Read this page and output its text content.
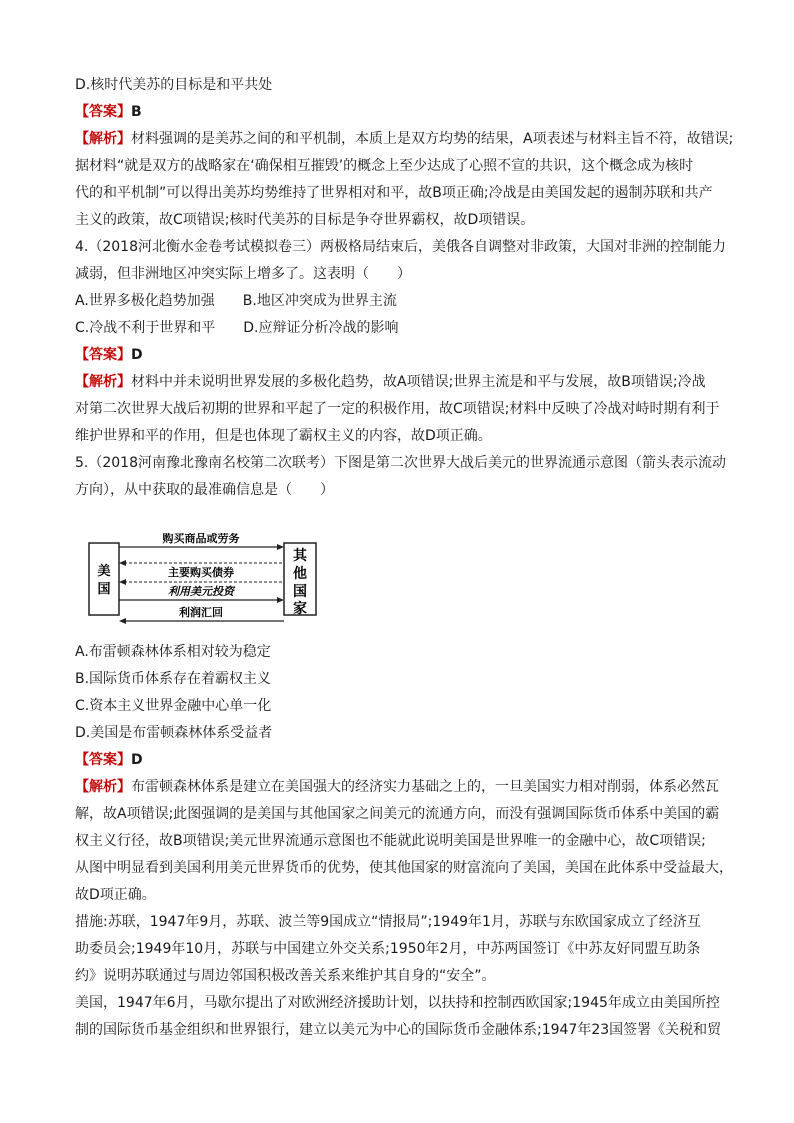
D.核时代美苏的目标是和平共处
【答案】B
【解析】材料强调的是美苏之间的和平机制，本质上是双方均势的结果，A项表述与材料主旨不符，故错误;
据材料“就是双方的战略家在‘确保相互摧毁’的概念上至少达成了心照不宣的共识，这个概念成为核时
代的和平机制”可以得出美苏均势维持了世界相对和平，故B项正确;冷战是由美国发起的遏制苏联和共产
主义的政策，故C项错误;核时代美苏的目标是争夺世界霸权，故D项错误。
4.（2018河北衡水金卷考试模拟卷三）两极格局结束后，美俄各自调整对非政策，大国对非洲的控制能力
减弱，但非洲地区冲突实际上增多了。这表明（　　）
A.世界多极化趋势加强　　B.地区冲突成为世界主流
C.冷战不利于世界和平　　D.应辩证分析冷战的影响
【答案】D
【解析】材料中并未说明世界发展的多极化趋势，故A项错误;世界主流是和平与发展，故B项错误;冷战
对第二次世界大战后初期的世界和平起了一定的积极作用，故C项错误;材料中反映了冷战对峙时期有利于
维护世界和平的作用，但是也体现了霸权主义的内容，故D项正确。
5.（2018河南豫北豫南名校第二次联考）下图是第二次世界大战后美元的世界流通示意图（箭头表示流动
方向），从中获取的最准确信息是（　　）
美
国
其
他
国
家
购买商品或劳务
主要购买债券
利用美元投资
利润汇回
A.布雷顿森林体系相对较为稳定
B.国际货币体系存在着霸权主义
C.资本主义世界金融中心单一化
D.美国是布雷顿森林体系受益者
【答案】D
【解析】布雷顿森林体系是建立在美国强大的经济实力基础之上的，一旦美国实力相对削弱，体系必然瓦
解，故A项错误;此图强调的是美国与其他国家之间美元的流通方向，而没有强调国际货币体系中美国的霸
权主义行径，故B项错误;美元世界流通示意图也不能就此说明美国是世界唯一的金融中心，故C项错误;
从图中明显看到美国利用美元世界货币的优势，使其他国家的财富流向了美国，美国在此体系中受益最大，
故D项正确。
措施:苏联，1947年9月，苏联、波兰等9国成立“情报局”;1949年1月，苏联与东欧国家成立了经济互
助委员会;1949年10月，苏联与中国建立外交关系;1950年2月，中苏两国签订《中苏友好同盟互助条
约》说明苏联通过与周边邻国积极改善关系来维护其自身的“安全”。
美国，1947年6月，马歇尔提出了对欧洲经济援助计划，以扶持和控制西欧国家;1945年成立由美国所控
制的国际货币基金组织和世界银行，建立以美元为中心的国际货币金融体系;1947年23国签署《关税和贸
